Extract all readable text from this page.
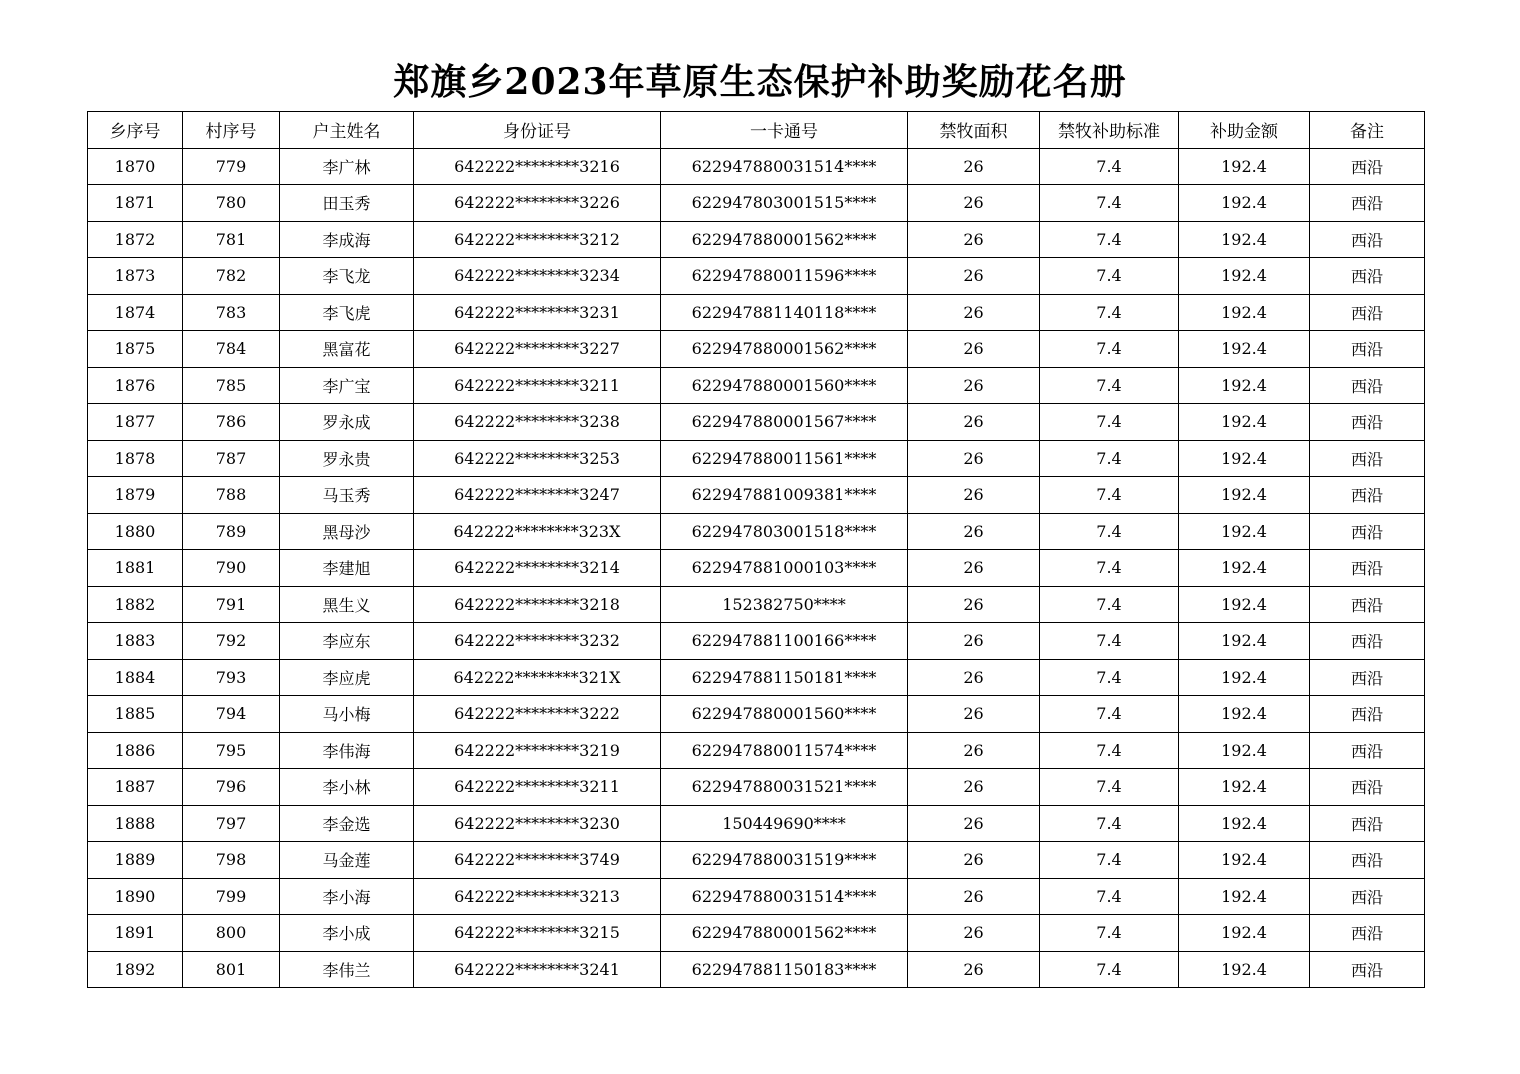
郑旗乡2023年草原生态保护补助奖励花名册
乡序号	村序号	户主姓名	身份证号	一卡通号	禁牧面积	禁牧补助标准	补助金额	备注
1870	779	李广林	642222********3216	622947880031514****	26	7.4	192.4	西沿
1871	780	田玉秀	642222********3226	622947803001515****	26	7.4	192.4	西沿
1872	781	李成海	642222********3212	622947880001562****	26	7.4	192.4	西沿
1873	782	李飞龙	642222********3234	622947880011596****	26	7.4	192.4	西沿
1874	783	李飞虎	642222********3231	622947881140118****	26	7.4	192.4	西沿
1875	784	黑富花	642222********3227	622947880001562****	26	7.4	192.4	西沿
1876	785	李广宝	642222********3211	622947880001560****	26	7.4	192.4	西沿
1877	786	罗永成	642222********3238	622947880001567****	26	7.4	192.4	西沿
1878	787	罗永贵	642222********3253	622947880011561****	26	7.4	192.4	西沿
1879	788	马玉秀	642222********3247	622947881009381****	26	7.4	192.4	西沿
1880	789	黑母沙	642222********323X	622947803001518****	26	7.4	192.4	西沿
1881	790	李建旭	642222********3214	622947881000103****	26	7.4	192.4	西沿
1882	791	黑生义	642222********3218	152382750****	26	7.4	192.4	西沿
1883	792	李应东	642222********3232	622947881100166****	26	7.4	192.4	西沿
1884	793	李应虎	642222********321X	622947881150181****	26	7.4	192.4	西沿
1885	794	马小梅	642222********3222	622947880001560****	26	7.4	192.4	西沿
1886	795	李伟海	642222********3219	622947880011574****	26	7.4	192.4	西沿
1887	796	李小林	642222********3211	622947880031521****	26	7.4	192.4	西沿
1888	797	李金选	642222********3230	150449690****	26	7.4	192.4	西沿
1889	798	马金莲	642222********3749	622947880031519****	26	7.4	192.4	西沿
1890	799	李小海	642222********3213	622947880031514****	26	7.4	192.4	西沿
1891	800	李小成	642222********3215	622947880001562****	26	7.4	192.4	西沿
1892	801	李伟兰	642222********3241	622947881150183****	26	7.4	192.4	西沿
